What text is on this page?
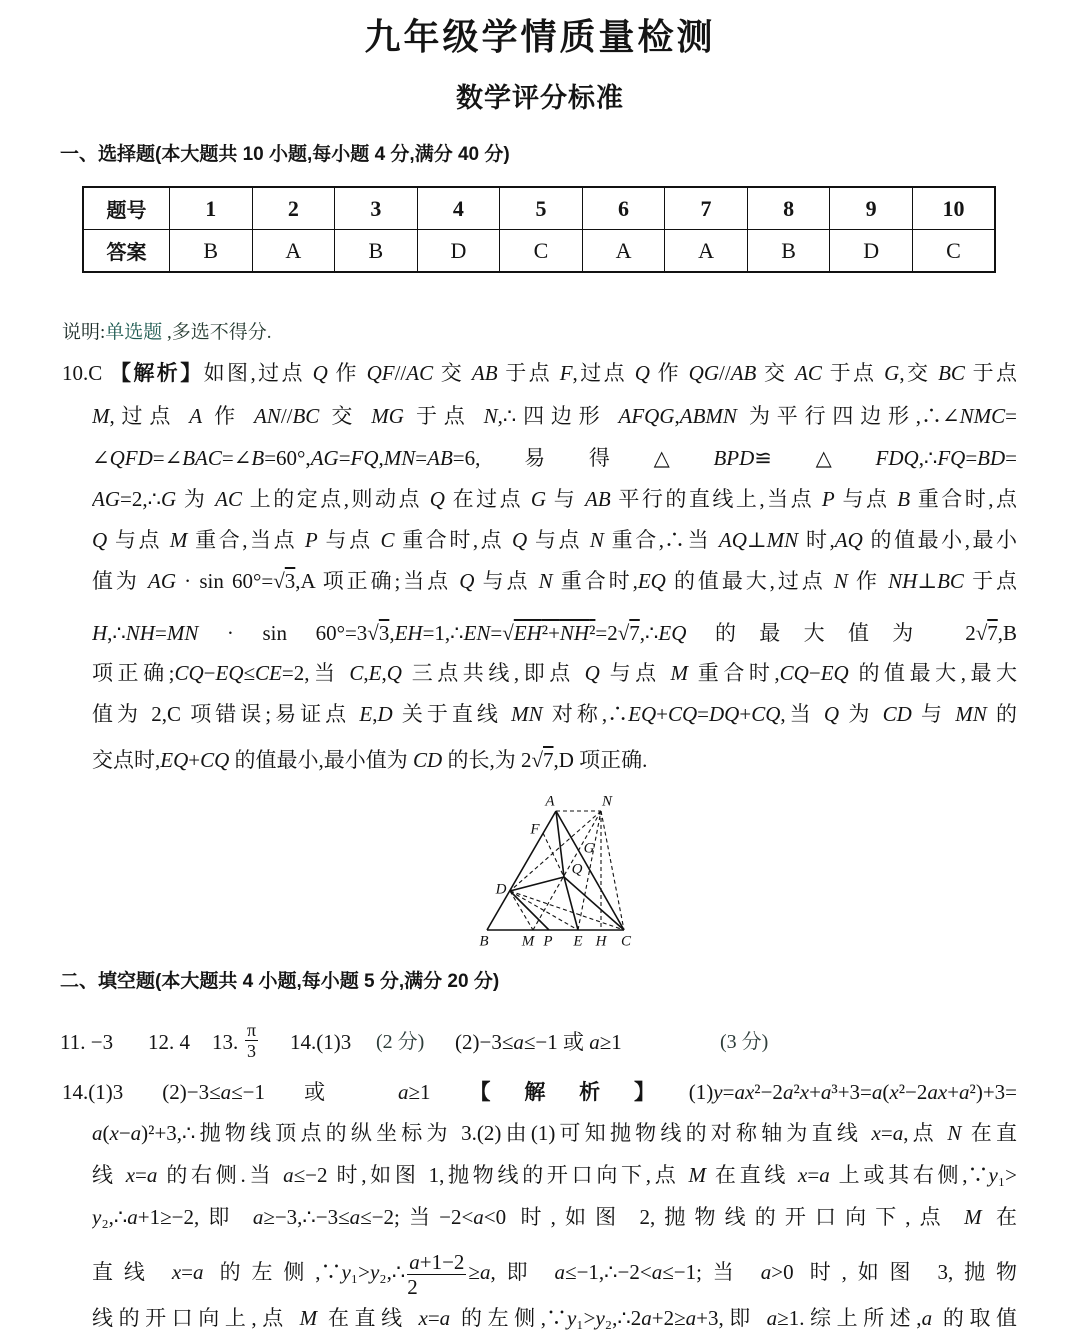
九年级学情质量检测
数学评分标准
一、选择题(本大题共 10 小题,每小题 4 分,满分 40 分)
题号	1	2	3	4	5	6	7	8	9	10
答案	B	A	B	D	C	A	A	B	D	C
说明:单选题 ,多选不得分.
10.C 【解析】如图,过点 Q 作 QF//AC 交 AB 于点 F,过点 Q 作 QG//AB 交 AC 于点 G,交 BC 于点
M,过点 A 作 AN//BC 交 MG 于点 N,∴四边形 AFQG,ABMN 为平行四边形,∴∠NMC=
∠QFD=∠BAC=∠B=60°,AG=FQ,MN=AB=6,易得△BPD≌△FDQ,∴FQ=BD=
AG=2,∴G 为 AC 上的定点,则动点 Q 在过点 G 与 AB 平行的直线上,当点 P 与点 B 重合时,点
Q 与点 M 重合,当点 P 与点 C 重合时,点 Q 与点 N 重合,∴当 AQ⊥MN 时,AQ 的值最小,最小
值为 AG · sin 60°=√3,A 项正确;当点 Q 与点 N 重合时,EQ 的值最大,过点 N 作 NH⊥BC 于点
H,∴NH=MN · sin 60°=3√3,EH=1,∴EN=√EH²+NH²=2√7,∴EQ 的最大值为 2√7,B
项正确;CQ−EQ≤CE=2,当 C,E,Q 三点共线,即点 Q 与点 M 重合时,CQ−EQ 的值最大,最大
值为 2,C 项错误;易证点 E,D 关于直线 MN 对称,∴EQ+CQ=DQ+CQ,当 Q 为 CD 与 MN 的
交点时,EQ+CQ 的值最小,最小值为 CD 的长,为 2√7,D 项正确.
A	N
F
G
Q
D
B M P E H C
二、填空题(本大题共 4 小题,每小题 5 分,满分 20 分)
11. −3 12. 4 13. $\frac{\pi}{3} 14.(1)3$ (2 分) (2)−3≤a≤−1 或 a≥1	(3 分)
14.(1)3 (2)−3≤a≤−1 或 a≥1 【解析】(1)y=ax²−2a²x+a³+3=a(x²−2ax+a²)+3=
a(x−a)²+3,∴抛物线顶点的纵坐标为 3.(2)由(1)可知抛物线的对称轴为直线 x=a,点 N 在直
线 x=a 的右侧.当 a≤−2 时,如图 1,抛物线的开口向下,点 M 在直线 x=a 上或其右侧,∵y₁>
y₂,∴a+1≥−2,即 a≥−3,∴−3≤a≤−2;当−2<a<0 时,如图 2,抛物线的开口向下,点 M 在
直线 x=a 的左侧,∵y₁>y₂,∴ $\frac{a+1-2}{2} \ge a$,即 a≤−1,∴−2<a≤−1;当 a>0 时,如图 3,抛物
线的开口向上,点 M 在直线 x=a 的左侧,∵y₁>y₂,∴2a+2≥a+3,即 a≥1.综上所述,a 的取值
